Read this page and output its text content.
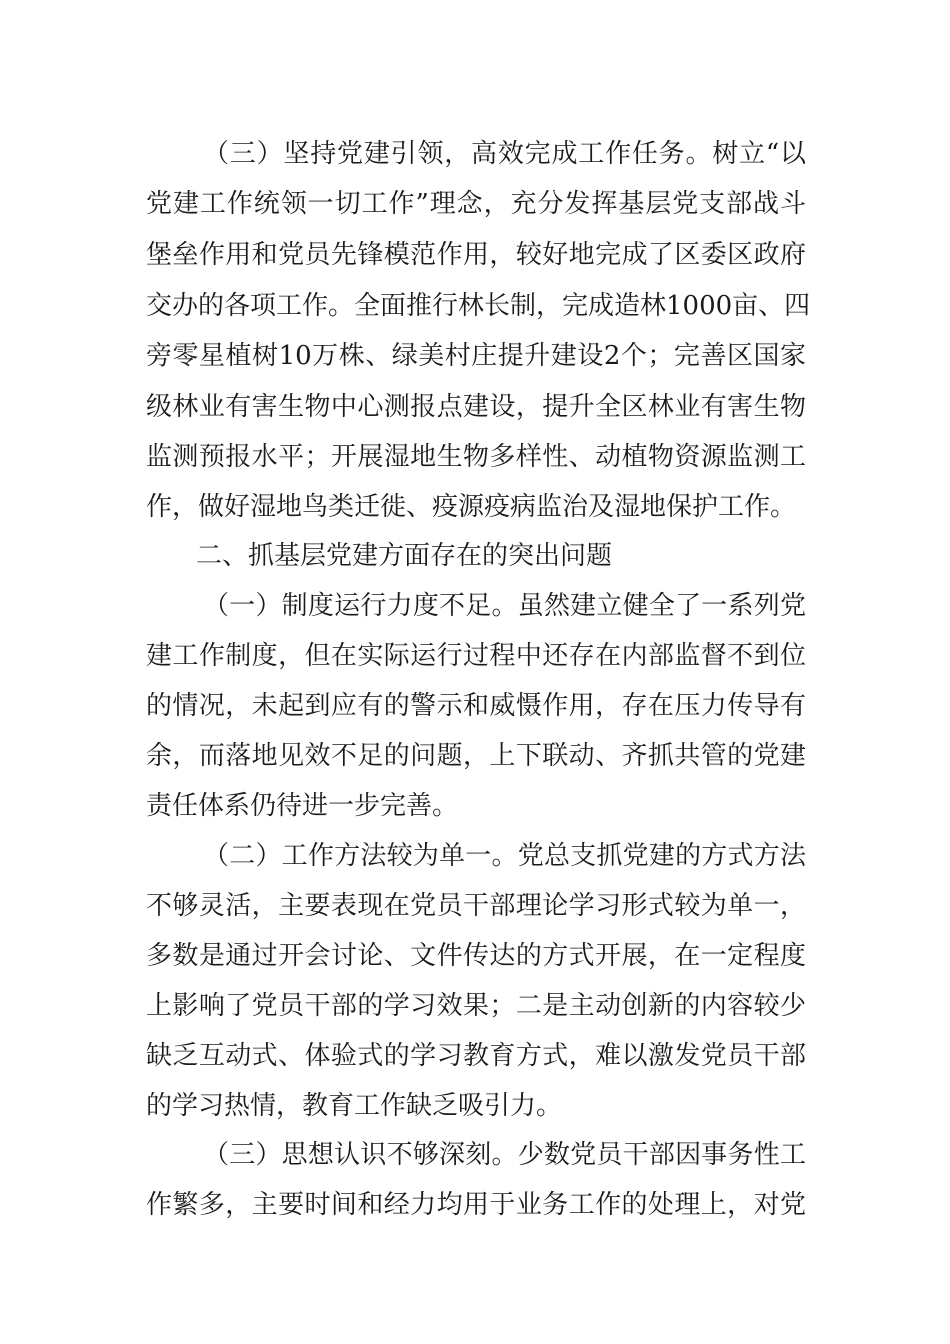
（三）坚持党建引领，高效完成工作任务。树立“以
党建工作统领一切工作”理念，充分发挥基层党支部战斗
堡垒作用和党员先锋模范作用，较好地完成了区委区政府
交办的各项工作。全面推行林长制，完成造林1000亩、四
旁零星植树10万株、绿美村庄提升建设2个；完善区国家
级林业有害生物中心测报点建设，提升全区林业有害生物
监测预报水平；开展湿地生物多样性、动植物资源监测工
作，做好湿地鸟类迁徙、疫源疫病监治及湿地保护工作。
二、抓基层党建方面存在的突出问题
（一）制度运行力度不足。虽然建立健全了一系列党
建工作制度，但在实际运行过程中还存在内部监督不到位
的情况，未起到应有的警示和威慑作用，存在压力传导有
余，而落地见效不足的问题，上下联动、齐抓共管的党建
责任体系仍待进一步完善。
（二）工作方法较为单一。党总支抓党建的方式方法
不够灵活，主要表现在党员干部理论学习形式较为单一，
多数是通过开会讨论、文件传达的方式开展，在一定程度
上影响了党员干部的学习效果；二是主动创新的内容较少
缺乏互动式、体验式的学习教育方式，难以激发党员干部
的学习热情，教育工作缺乏吸引力。
（三）思想认识不够深刻。少数党员干部因事务性工
作繁多，主要时间和经力均用于业务工作的处理上，对党
